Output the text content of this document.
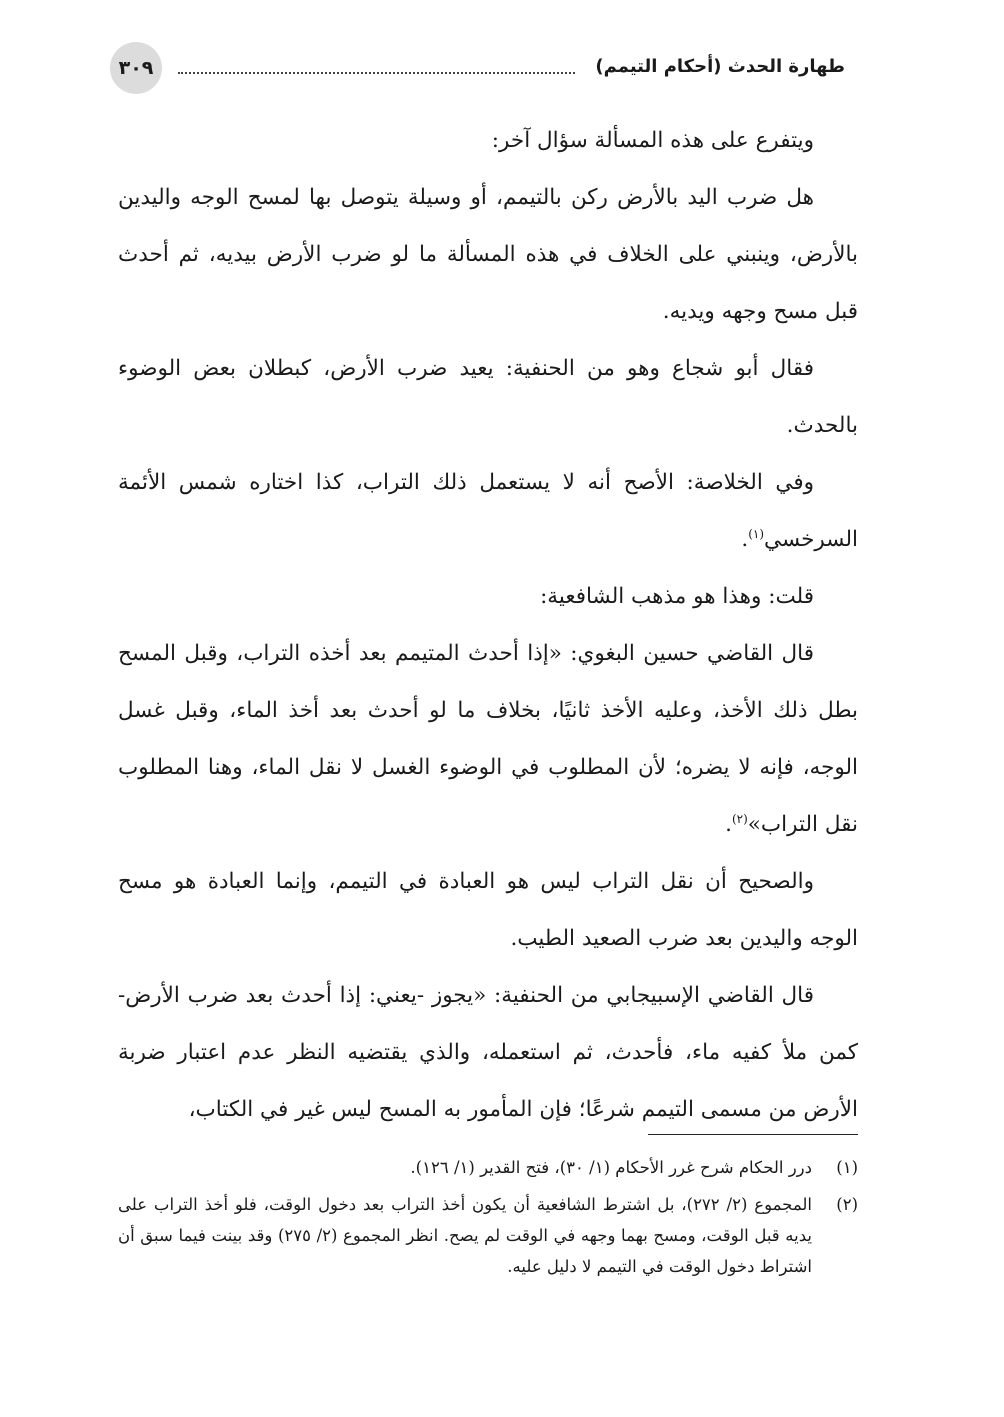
٣٠٩	طهارة الحدث (أحكام التيمم)

ويتفرع على هذه المسألة سؤال آخر:

هل ضرب اليد بالأرض ركن بالتيمم، أو وسيلة يتوصل بها لمسح الوجه واليدين بالأرض، وينبني على الخلاف في هذه المسألة ما لو ضرب الأرض بيديه، ثم أحدث قبل مسح وجهه ويديه.

فقال أبو شجاع وهو من الحنفية: يعيد ضرب الأرض، كبطلان بعض الوضوء بالحدث.

وفي الخلاصة: الأصح أنه لا يستعمل ذلك التراب، كذا اختاره شمس الأئمة السرخسي$^{(١)}$.

قلت: وهذا هو مذهب الشافعية:

قال القاضي حسين البغوي: «إذا أحدث المتيمم بعد أخذه التراب، وقبل المسح بطل ذلك الأخذ، وعليه الأخذ ثانيًا، بخلاف ما لو أحدث بعد أخذ الماء، وقبل غسل الوجه، فإنه لا يضره؛ لأن المطلوب في الوضوء الغسل لا نقل الماء، وهنا المطلوب نقل التراب»$^{(٢)}$.

والصحيح أن نقل التراب ليس هو العبادة في التيمم، وإنما العبادة هو مسح الوجه واليدين بعد ضرب الصعيد الطيب.

قال القاضي الإسبيجابي من الحنفية: «يجوز -يعني: إذا أحدث بعد ضرب الأرض- كمن ملأ كفيه ماء، فأحدث، ثم استعمله، والذي يقتضيه النظر عدم اعتبار ضربة الأرض من مسمى التيمم شرعًا؛ فإن المأمور به المسح ليس غير في الكتاب،

(١)
درر الحكام شرح غرر الأحكام (١/ ٣٠)، فتح القدير (١/ ١٢٦).
(٢)
المجموع (٢/ ٢٧٢)، بل اشترط الشافعية أن يكون أخذ التراب بعد دخول الوقت، فلو أخذ التراب على يديه قبل الوقت، ومسح بهما وجهه في الوقت لم يصح. انظر المجموع (٢/ ٢٧٥) وقد بينت فيما سبق أن اشتراط دخول الوقت في التيمم لا دليل عليه.
